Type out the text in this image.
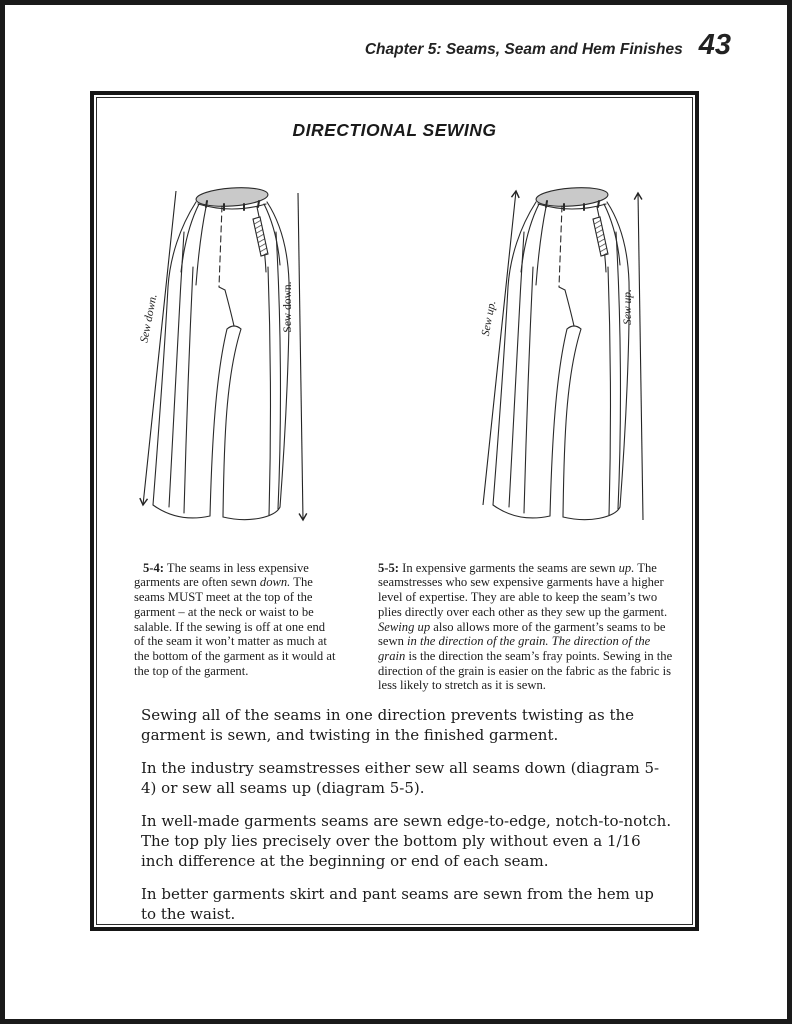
Chapter 5: Seams, Seam and Hem Finishes 43
DIRECTIONAL SEWING
Sew down.	Sew down.	Sew up.	Sew up.

5-4: The seams in less expensive garments are often sewn down. The seams MUST meet at the top of the garment – at the neck or waist to be salable. If the sewing is off at one end of the seam it won’t matter as much at the bottom of the garment as it would at the top of the garment.

5-5: In expensive garments the seams are sewn up. The seamstresses who sew expensive garments have a higher level of expertise. They are able to keep the seam’s two plies directly over each other as they sew up the garment. Sewing up also allows more of the garment’s seams to be sewn in the direction of the grain. The direction of the grain is the direction the seam’s fray points. Sewing in the direction of the grain is easier on the fabric as the fabric is less likely to stretch as it is sewn.

Sewing all of the seams in one direction prevents twisting as the garment is sewn, and twisting in the finished garment.

In the industry seamstresses either sew all seams down (diagram 5-4) or sew all seams up (diagram 5-5).

In well-made garments seams are sewn edge-to-edge, notch-to-notch. The top ply lies precisely over the bottom ply without even a 1/16 inch difference at the beginning or end of each seam.

In better garments skirt and pant seams are sewn from the hem up to the waist.
